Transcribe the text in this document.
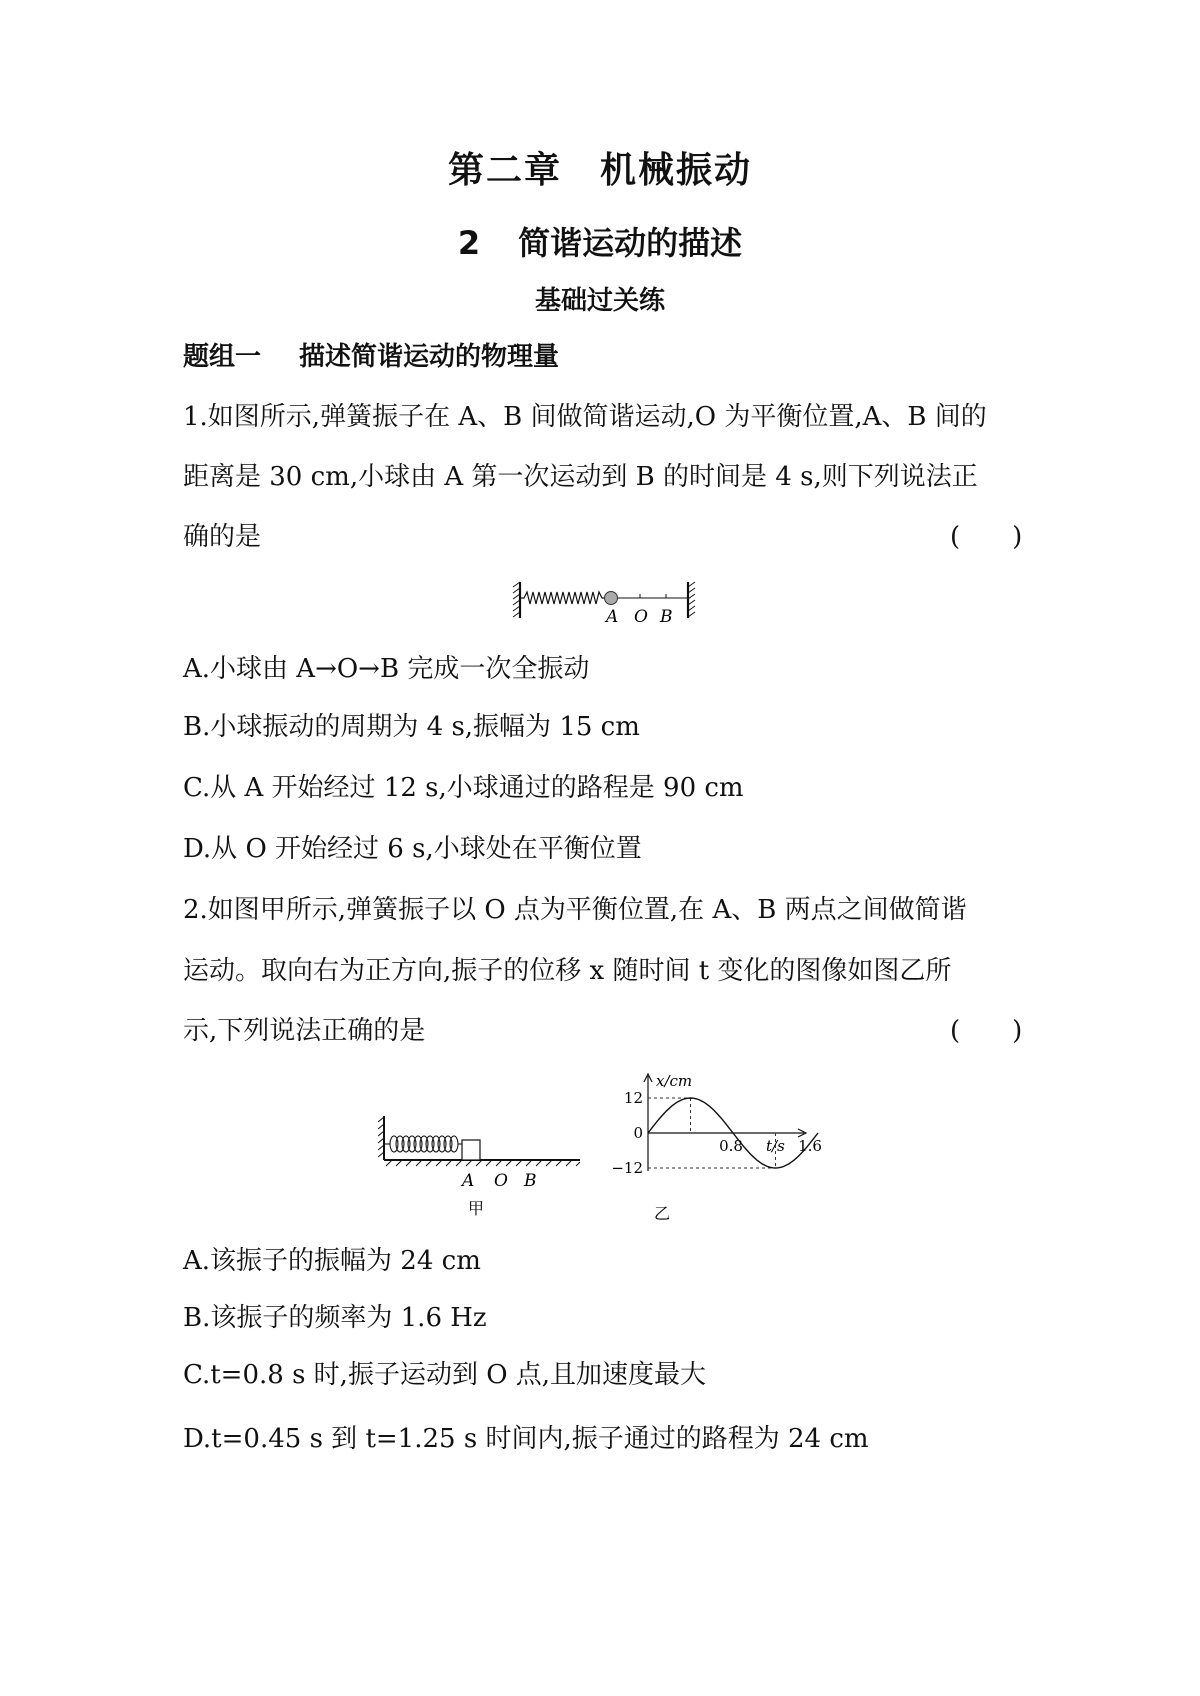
第二章　机械振动
2 简谐运动的描述
基础过关练
题组一 描述简谐运动的物理量
1.如图所示,弹簧振子在 A、B 间做简谐运动,O 为平衡位置,A、B 间的
距离是 30 cm,小球由 A 第一次运动到 B 的时间是 4 s,则下列说法正
确的是	(　　)
A O B
A.小球由 A→O→B 完成一次全振动
B.小球振动的周期为 4 s,振幅为 15 cm
C.从 A 开始经过 12 s,小球通过的路程是 90 cm
D.从 O 开始经过 6 s,小球处在平衡位置
2.如图甲所示,弹簧振子以 O 点为平衡位置,在 A、B 两点之间做简谐
运动。取向右为正方向,振子的位移 x 随时间 t 变化的图像如图乙所
示,下列说法正确的是	(　　)
A O B
甲
x/cm
t/s
12
0
−12
0.8	1.6
乙
A.该振子的振幅为 24 cm
B.该振子的频率为 1.6 Hz
C.t=0.8 s 时,振子运动到 O 点,且加速度最大
D.t=0.45 s 到 t=1.25 s 时间内,振子通过的路程为 24 cm
